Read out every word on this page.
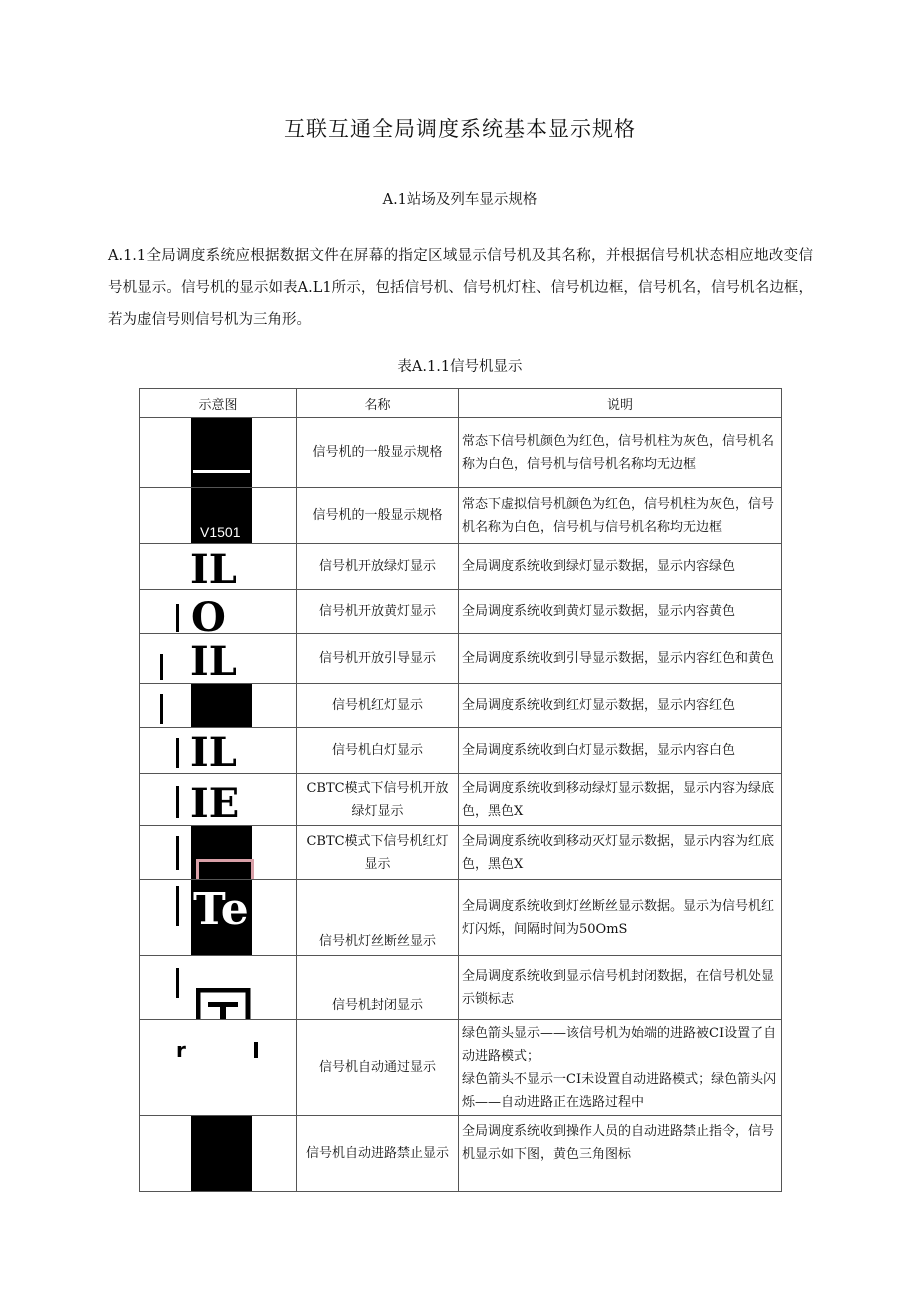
互联互通全局调度系统基本显示规格
A.1站场及列车显示规格

A.1.1全局调度系统应根据数据文件在屏幕的指定区域显示信号机及其名称，并根据信号机状态相应地改变信号机显示。信号机的显示如表A.L1所示，包括信号机、信号机灯柱、信号机边框，信号机名，信号机名边框，若为虚信号则信号机为三角形。

表A.1.1信号机显示
示意图	名称	说明

	信号机的一般显示规格	常态下信号机颜色为红色，信号机柱为灰色，信号机名称为白色，信号机与信号机名称均无边框

V1501	信号机的一般显示规格	常态下虚拟信号机颜色为红色，信号机柱为灰色，信号机名称为白色，信号机与信号机名称均无边框

IL	信号机开放绿灯显示	全局调度系统收到绿灯显示数据，显示内容绿色

O	信号机开放黄灯显示	全局调度系统收到黄灯显示数据，显示内容黄色

IL	信号机开放引导显示	全局调度系统收到引导显示数据，显示内容红色和黄色

	信号机红灯显示	全局调度系统收到红灯显示数据，显示内容红色

IL	信号机白灯显示	全局调度系统收到白灯显示数据，显示内容白色

IE	CBTC模式下信号机开放绿灯显示	全局调度系统收到移动绿灯显示数据，显示内容为绿底色，黑色X

	CBTC模式下信号机红灯显示	全局调度系统收到移动灭灯显示数据，显示内容为红底色，黑色X

Te	信号机灯丝断丝显示	全局调度系统收到灯丝断丝显示数据。显示为信号机红灯闪烁，间隔时间为50OmS

	信号机封闭显示	全局调度系统收到显示信号机封闭数据，在信号机处显示锁标志

r	信号机自动通过显示	绿色箭头显示——该信号机为始端的进路被CI设置了自动进路模式；
绿色箭头不显示一CI未设置自动进路模式；绿色箭头闪烁——自动进路正在选路过程中

	信号机自动进路禁止显示	全局调度系统收到操作人员的自动进路禁止指令，信号机显示如下图，黄色三角图标
